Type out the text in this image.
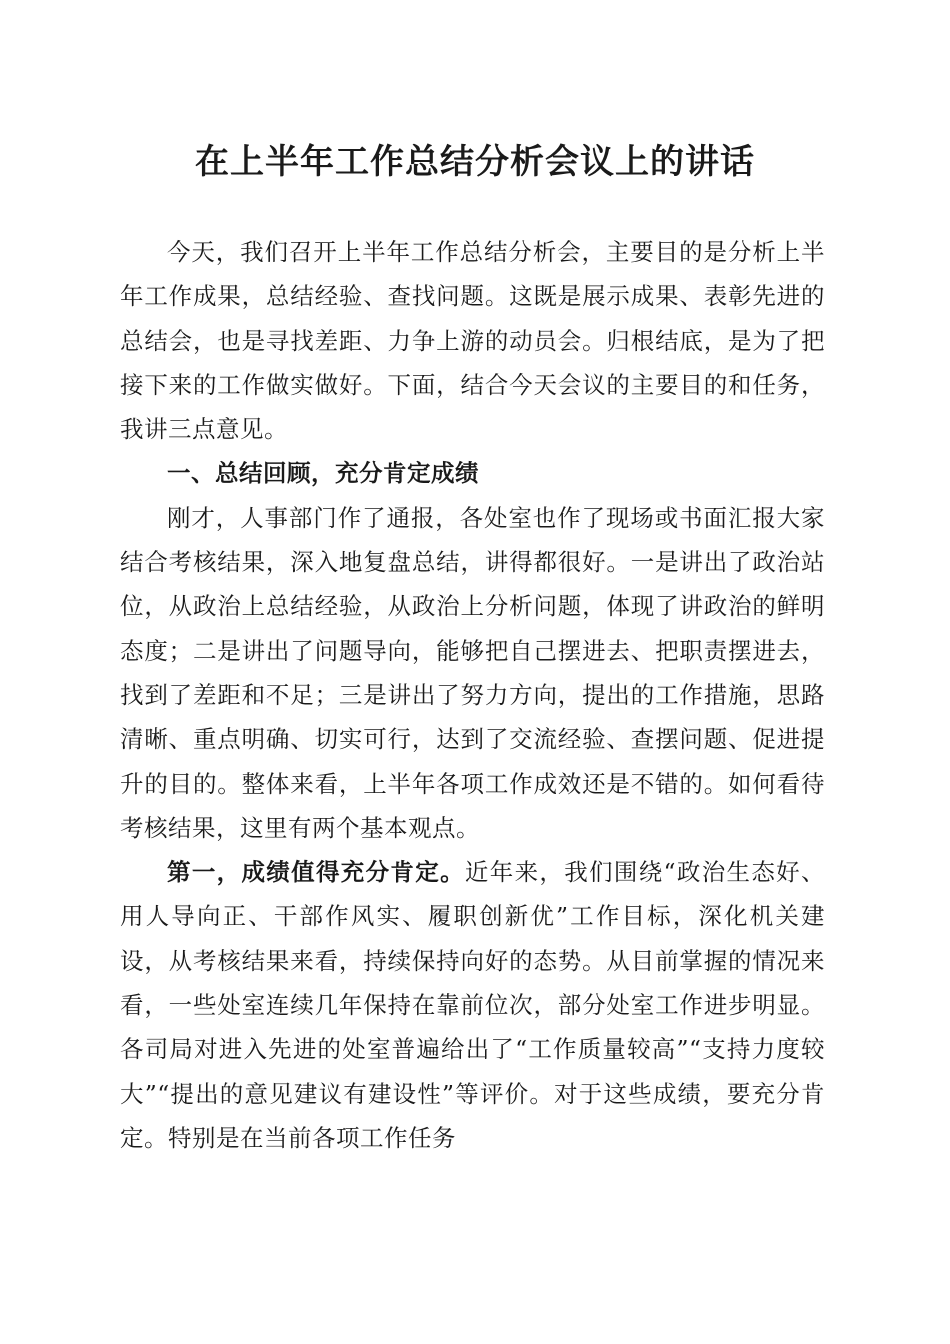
在上半年工作总结分析会议上的讲话

今天，我们召开上半年工作总结分析会，主要目的是分析上半年工作成果，总结经验、查找问题。这既是展示成果、表彰先进的总结会，也是寻找差距、力争上游的动员会。归根结底，是为了把接下来的工作做实做好。下面，结合今天会议的主要目的和任务，我讲三点意见。

一、总结回顾，充分肯定成绩

刚才，人事部门作了通报，各处室也作了现场或书面汇报大家结合考核结果，深入地复盘总结，讲得都很好。一是讲出了政治站位，从政治上总结经验，从政治上分析问题，体现了讲政治的鲜明态度；二是讲出了问题导向，能够把自己摆进去、把职责摆进去，找到了差距和不足；三是讲出了努力方向，提出的工作措施，思路清晰、重点明确、切实可行，达到了交流经验、查摆问题、促进提升的目的。整体来看，上半年各项工作成效还是不错的。如何看待考核结果，这里有两个基本观点。

第一，成绩值得充分肯定。近年来，我们围绕“政治生态好、用人导向正、干部作风实、履职创新优”工作目标，深化机关建设，从考核结果来看，持续保持向好的态势。从目前掌握的情况来看，一些处室连续几年保持在靠前位次，部分处室工作进步明显。各司局对进入先进的处室普遍给出了“工作质量较高”“支持力度较大”“提出的意见建议有建设性”等评价。对于这些成绩，要充分肯定。特别是在当前各项工作任务
